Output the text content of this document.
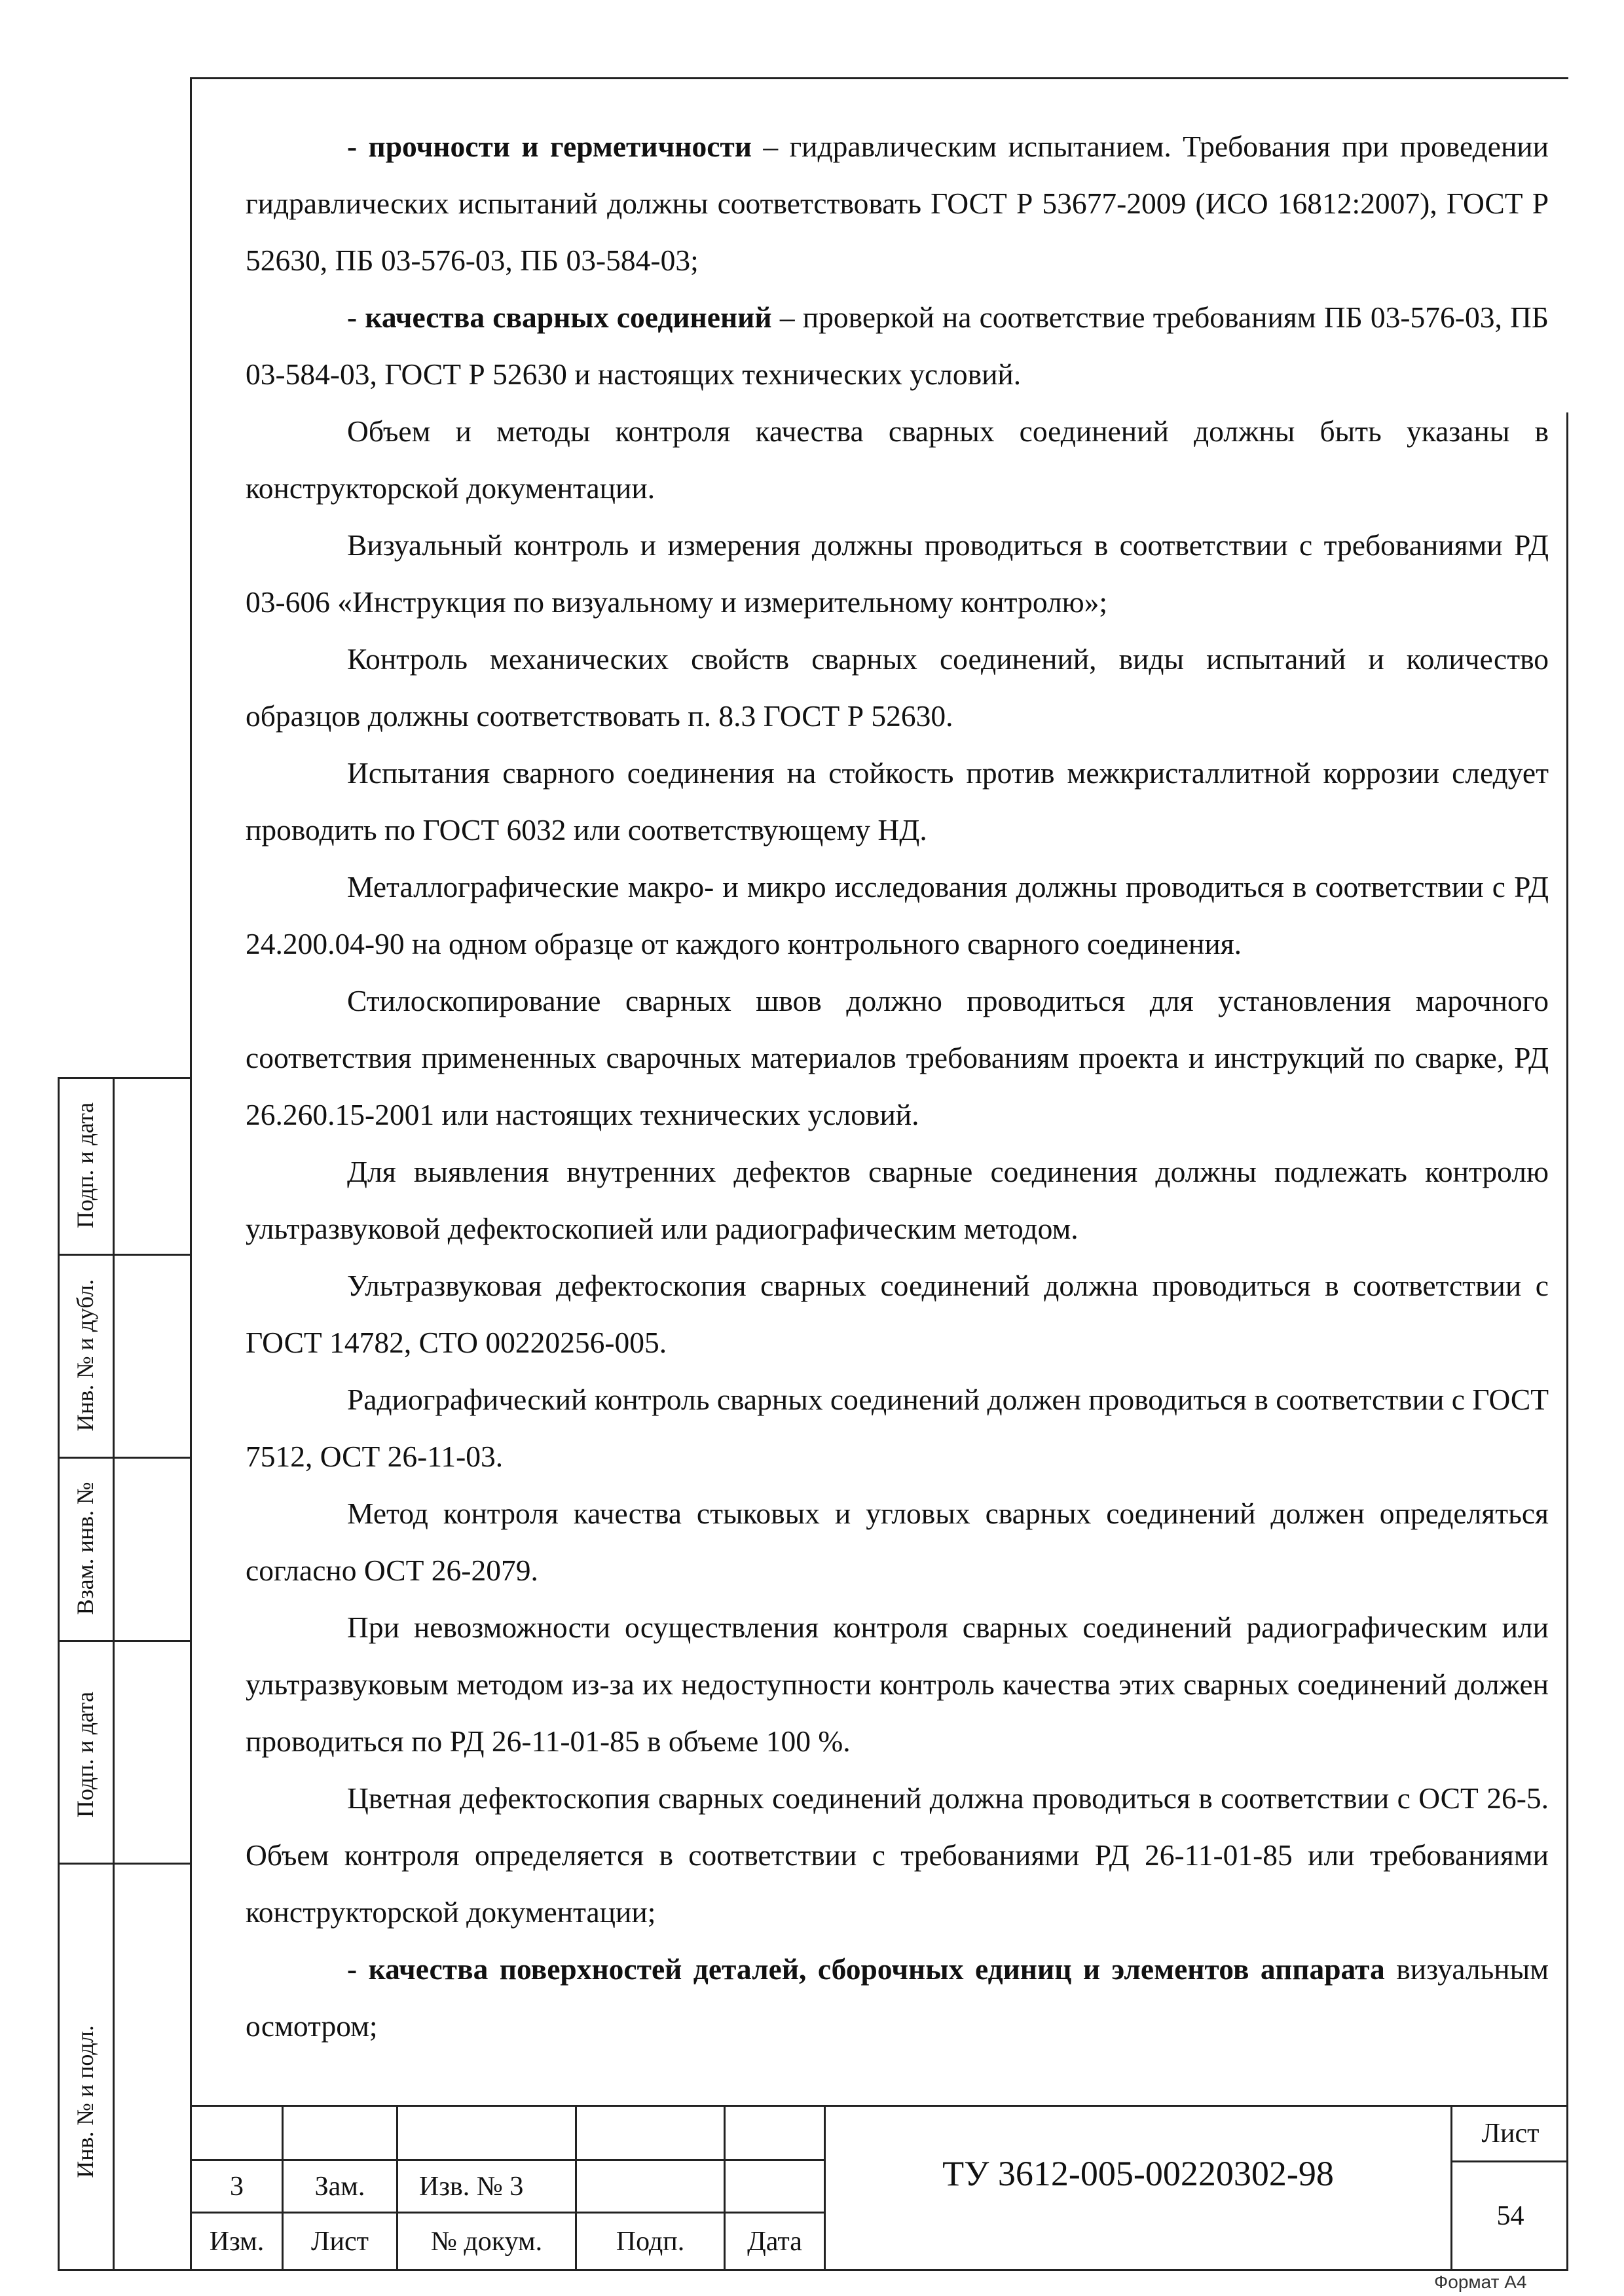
- прочности и герметичности – гидравлическим испытанием. Требования при проведении гидравлических испытаний должны соответствовать ГОСТ Р 53677-2009 (ИСО 16812:2007), ГОСТ Р 52630, ПБ 03-576-03, ПБ 03-584-03;

- качества сварных соединений – проверкой на соответствие требованиям ПБ 03-576-03, ПБ 03-584-03, ГОСТ Р 52630 и настоящих технических условий.

Объем и методы контроля качества сварных соединений должны быть указаны в конструкторской документации.

Визуальный контроль и измерения должны проводиться в соответствии с требованиями РД 03-606 «Инструкция по визуальному и измерительному контролю»;

Контроль механических свойств сварных соединений, виды испытаний и количество образцов должны соответствовать п. 8.3 ГОСТ Р 52630.

Испытания сварного соединения на стойкость против межкристаллитной коррозии следует проводить по ГОСТ 6032 или соответствующему НД.

Металлографические макро- и микро исследования должны проводиться в соответствии с РД 24.200.04-90 на одном образце от каждого контрольного сварного соединения.

Стилоскопирование сварных швов должно проводиться для установления марочного соответствия примененных сварочных материалов требованиям проекта и инструкций по сварке, РД 26.260.15-2001 или настоящих технических условий.

Для выявления внутренних дефектов сварные соединения должны подлежать контролю ультразвуковой дефектоскопией или радиографическим методом.

Ультразвуковая дефектоскопия сварных соединений должна проводиться в соответствии с ГОСТ 14782, СТО 00220256-005.

Радиографический контроль сварных соединений должен проводиться в соответствии с ГОСТ 7512, ОСТ 26-11-03.

Метод контроля качества стыковых и угловых сварных соединений должен определяться согласно ОСТ 26-2079.

При невозможности осуществления контроля сварных соединений радиографическим или ультразвуковым методом из-за их недоступности контроль качества этих сварных соединений должен проводиться по РД 26-11-01-85 в объеме 100 %.

Цветная дефектоскопия сварных соединений должна проводиться в соответствии с ОСТ 26-5. Объем контроля определяется в соответствии с требованиями РД 26-11-01-85 или требованиями конструкторской документации;

- качества поверхностей деталей, сборочных единиц и элементов аппарата визуальным осмотром;

Подп. и дата
Инв. № и дубл.
Взам. инв. №
Подп. и дата
Инв. № и подл.
3	Зам.	Изв. № 3
Изм.	Лист	№ докум.	Подп.	Дата
ТУ 3612-005-00220302-98
Лист
54
Формат А4
